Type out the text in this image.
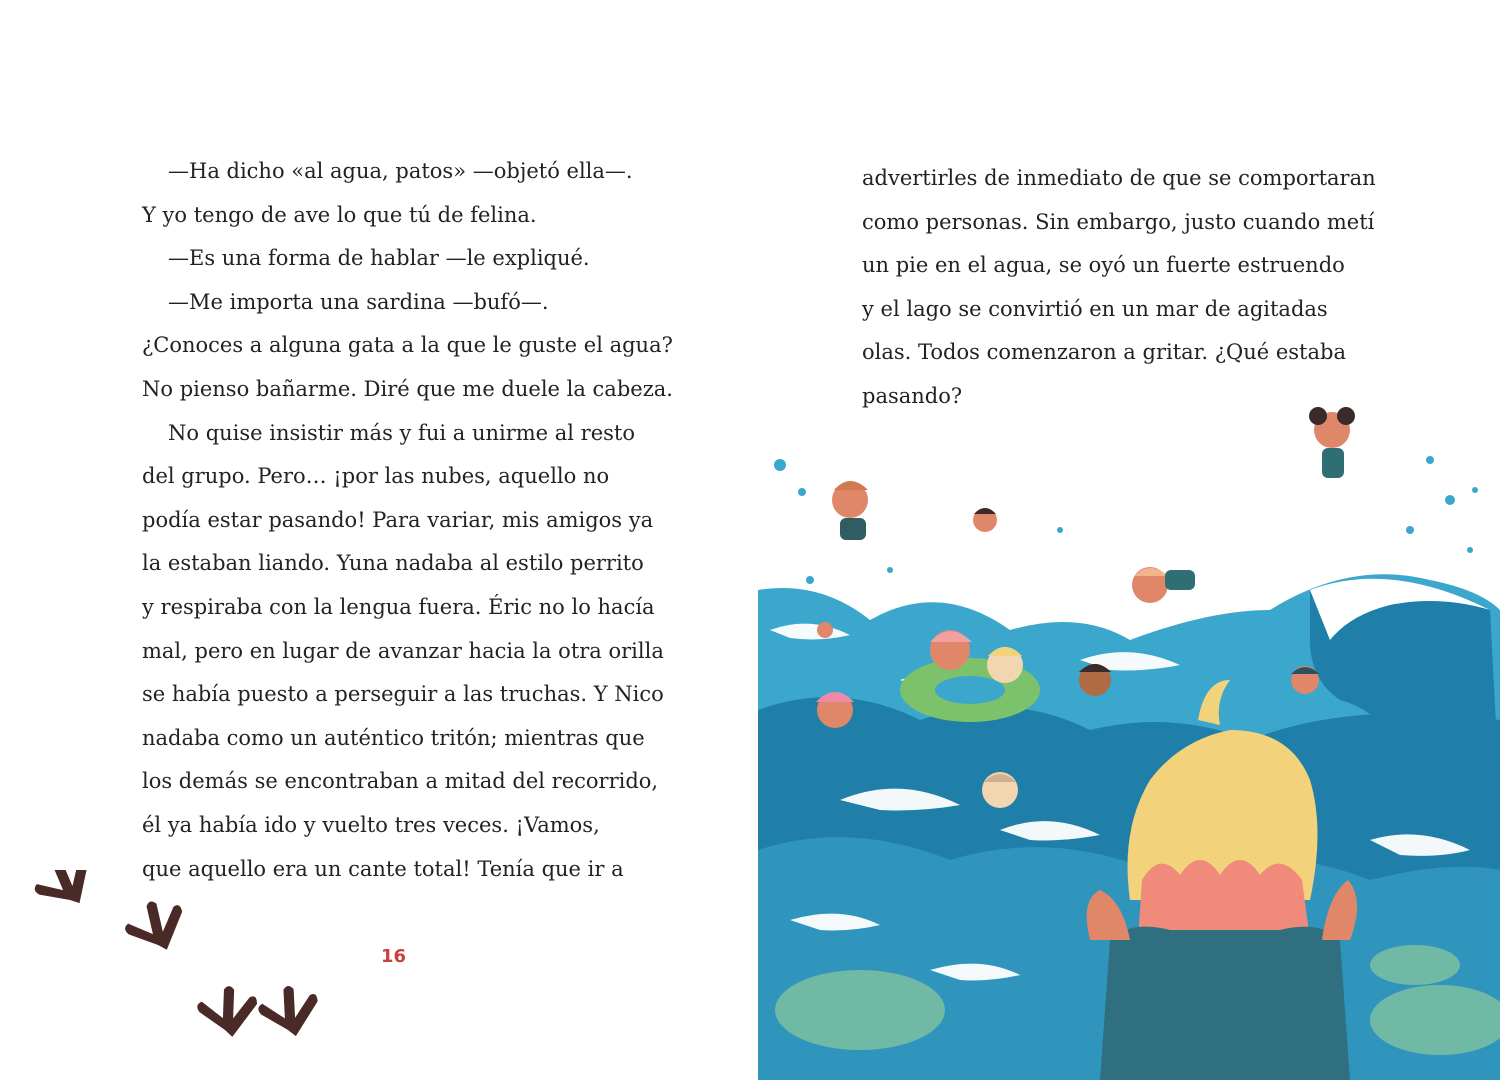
—Ha dicho «al agua, patos» —objetó ella—.
Y yo tengo de ave lo que tú de felina.
—Es una forma de hablar —le expliqué.
—Me importa una sardina —bufó—.
¿Conoces a alguna gata a la que le guste el agua?
No pienso bañarme. Diré que me duele la cabeza.
No quise insistir más y fui a unirme al resto
del grupo. Pero… ¡por las nubes, aquello no
podía estar pasando! Para variar, mis amigos ya
la estaban liando. Yuna nadaba al estilo perrito
y respiraba con la lengua fuera. Éric no lo hacía
mal, pero en lugar de avanzar hacia la otra orilla
se había puesto a perseguir a las truchas. Y Nico
nadaba como un auténtico tritón; mientras que
los demás se encontraban a mitad del recorrido,
él ya había ido y vuelto tres veces. ¡Vamos,
que aquello era un cante total! Tenía que ir a
16
advertirles de inmediato de que se comportaran
como personas. Sin embargo, justo cuando metí
un pie en el agua, se oyó un fuerte estruendo
y el lago se convirtió en un mar de agitadas
olas. Todos comenzaron a gritar. ¿Qué estaba
pasando?
